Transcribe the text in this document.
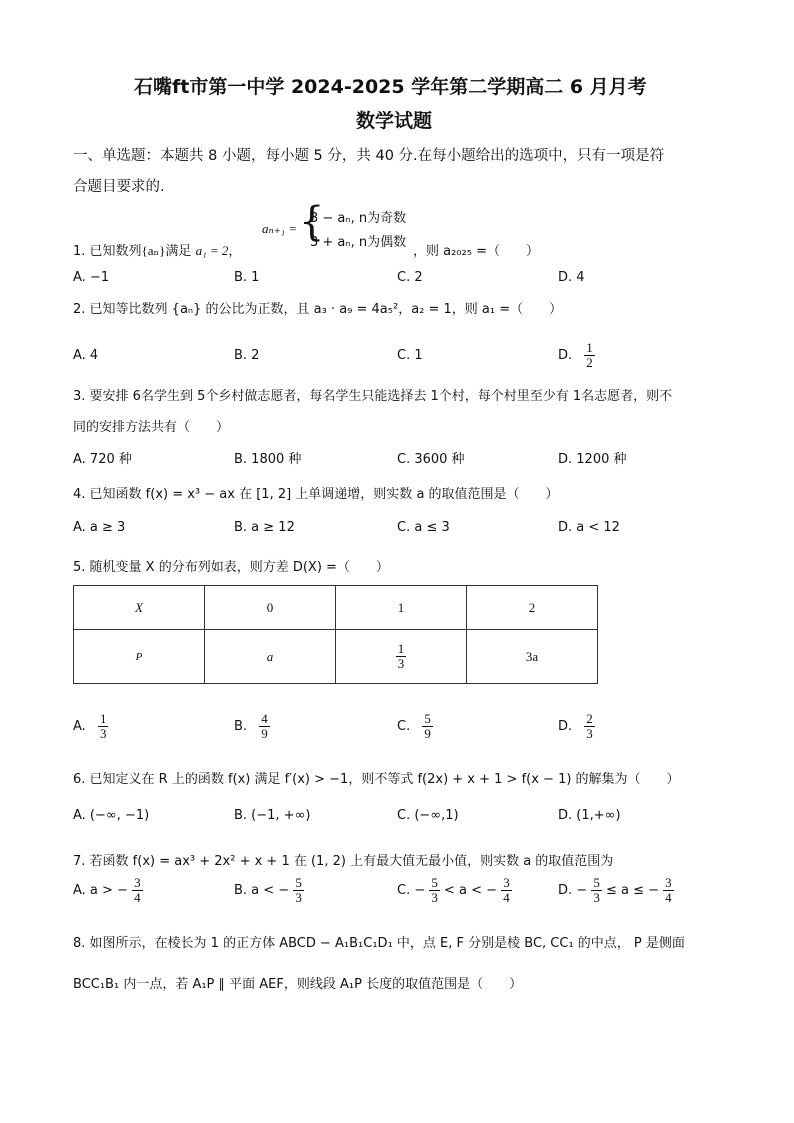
石嘴ft市第一中学 2024-2025 学年第二学期高二 6 月月考
数学试题
一、单选题：本题共 8 小题，每小题 5 分，共 40 分.在每小题给出的选项中，只有一项是符
合题目要求的.
1. 已知数列{aₙ}满足 a₁ = 2，
aₙ₊₁ = {
3 − aₙ, n为奇数
3 + aₙ, n为偶数
，则 a₂₀₂₅ =（　　）
A. −1	B. 1	C. 2	D. 4
2. 已知等比数列 {aₙ} 的公比为正数，且 a₃ · a₉ = 4a₅²，a₂ = 1，则 a₁ =（　　）
A. 4	B. 2	C. 1	D. $\frac{1}{2}$
3. 要安排 6名学生到 5个乡村做志愿者，每名学生只能选择去 1个村，每个村里至少有 1名志愿者，则不
同的安排方法共有（　　）
A. 720 种	B. 1800 种	C. 3600 种	D. 1200 种
4. 已知函数 f(x) = x³ − ax 在 [1, 2] 上单调递增，则实数 a 的取值范围是（　　）
A. a ≥ 3	B. a ≥ 12	C. a ≤ 3	D. a < 12
5. 随机变量 X 的分布列如表，则方差 D(X) =（　　）
X	0	1	2
P	a	$\frac{1}{3}$	3a
A. $\frac{1}{3}$	B. $\frac{4}{9}$	C. $\frac{5}{9}$	D. $\frac{2}{3}$
6. 已知定义在 R 上的函数 f(x) 满足 f′(x) > −1，则不等式 f(2x) + x + 1 > f(x − 1) 的解集为（　　）
A. (−∞, −1)	B. (−1, +∞)	C. (−∞,1)	D. (1,+∞)
7. 若函数 f(x) = ax³ + 2x² + x + 1 在 (1, 2) 上有最大值无最小值，则实数 a 的取值范围为
A. a > − $\frac{3}{4}$	B. a < − $\frac{5}{3}$	C. − $\frac{5}{3} < a$ < − $\frac{3}{4}$	D. − $\frac{5}{3} \le a$ ≤ − $\frac{3}{4}$
8. 如图所示，在棱长为 1 的正方体 ABCD − A₁B₁C₁D₁ 中，点 E, F 分别是棱 BC, CC₁ 的中点， P 是侧面
BCC₁B₁ 内一点，若 A₁P ∥ 平面 AEF，则线段 A₁P 长度的取值范围是（　　）
